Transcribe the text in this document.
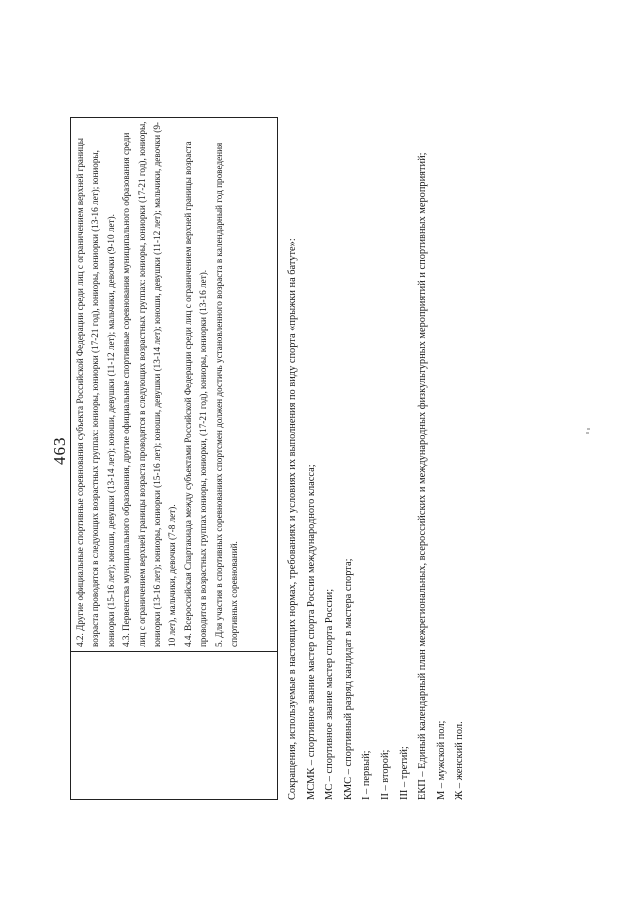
463 4.2. Другие официальные спортивные соревнования субъекта Российской Федерации среди лиц с ограничением верхней границы возраста проводятся в следующих возрастных группах: юниоры, юниорки (17-21 год), юниоры, юниорки (13-16 лет); юниоры, юниорки (15-16 лет); юноши, девушки (13-14 лет); юноши, девушки (11-12 лет); мальчики, девочки (9-10 лет). 4.3. Первенства муниципального образования, другие официальные спортивные соревнования муниципального образования среди лиц с ограничением верхней границы возраста проводятся в следующих возрастных группах: юниоры, юниорки (17-21 год), юниоры, юниорки (13-16 лет); юниоры, юниорки (15-16 лет); юноши, девушки (13-14 лет); юноши, девушки (11-12 лет); мальчики, девочки (9-10 лет), мальчики, девочки (7-8 лет). 4.4. Всероссийская Спартакиада между субъектами Российской Федерации среди лиц с ограничением верхней границы возраста проводится в возрастных группах юниоры, юниорки, (17-21 год), юниоры, юниорки (13-16 лет). 5. Для участия в спортивных соревнованиях спортсмен должен достичь установленного возраста в календарный год проведения спортивных соревнований.	Сокращения, используемые в настоящих нормах, требованиях и условиях их выполнения по виду спорта «прыжки на батуте»: МСМК – спортивное звание мастер спорта России международного класса; МС – спортивное звание мастер спорта России; КМС – спортивный разряд кандидат в мастера спорта; I – первый; II – второй; III – третий; ЕКП – Единый календарный план межрегиональных, всероссийских и международных физкультурных мероприятий и спортивных мероприятий; М – мужской пол; Ж – женский пол.
